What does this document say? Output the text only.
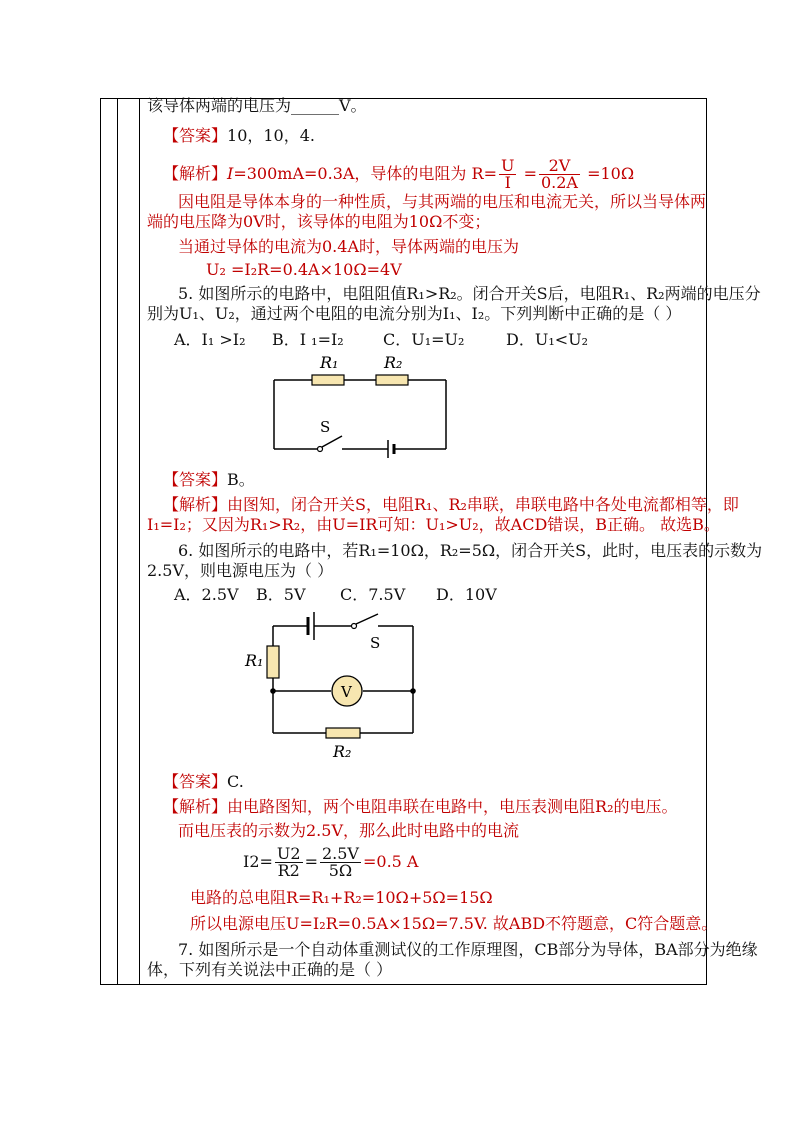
该导体两端的电压为______V。
【答案】10，10，4.
【解析】I=300mA=0.3A，导体的电阻为 $R= \frac{U}{I} = \frac{2V}{0.2A} =10\Omega$
因电阻是导体本身的一种性质，与其两端的电压和电流无关，所以当导体两
端的电压降为0V时，该导体的电阻为10Ω不变；
当通过导体的电流为0.4A时，导体两端的电压为
U₂ =I₂R=0.4A×10Ω=4V
5. 如图所示的电路中，电阻阻值R₁>R₂。闭合开关S后，电阻R₁、R₂两端的电压分
别为U₁、U₂，通过两个电阻的电流分别为I₁、I₂。下列判断中正确的是（ ）
A．I₁ >I₂ B．I ₁=I₂ C．U₁=U₂	D．U₁<U₂
R₁	R₂
S
【答案】B。
【解析】由图知，闭合开关S，电阻R₁、R₂串联，串联电路中各处电流都相等，即
I₁=I₂；又因为R₁>R₂，由U=IR可知：U₁>U₂，故ACD错误，B正确。 故选B。
6. 如图所示的电路中，若R₁=10Ω，R₂=5Ω，闭合开关S，此时，电压表的示数为
2.5V，则电源电压为（ ）
A．2.5V B．5V C．7.5V D．10V
V
S
R₁
R₂
【答案】C.
【解析】由电路图知，两个电阻串联在电路中，电压表测电阻R₂的电压。
而电压表的示数为2.5V，那么此时电路中的电流
$I2= \frac{U2}{R2} = \frac{2.5V}{5\Omega} =0.5$ A
电路的总电阻R=R₁+R₂=10Ω+5Ω=15Ω
所以电源电压U=I₂R=0.5A×15Ω=7.5V. 故ABD不符题意，C符合题意。
7. 如图所示是一个自动体重测试仪的工作原理图，CB部分为导体，BA部分为绝缘
体，下列有关说法中正确的是（ ）
